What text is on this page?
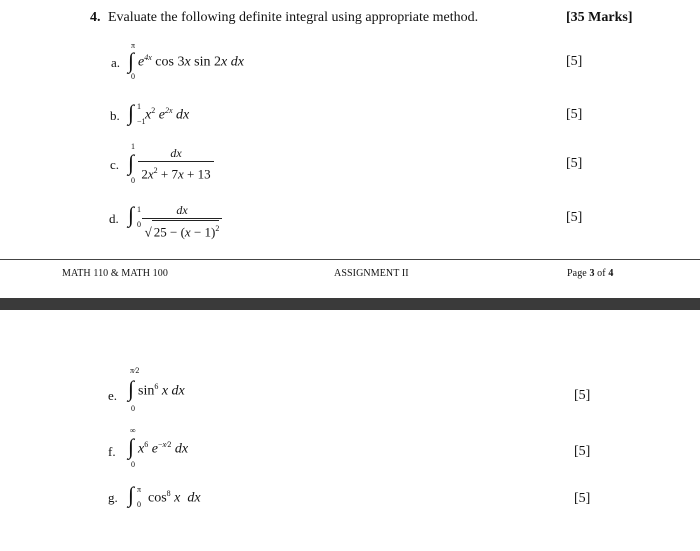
4. Evaluate the following definite integral using appropriate method.	[35 Marks]
a.
π
∫
0
$e^{4x}$ cos 3x sin 2x dx	[5]
b. ∫ 1
−1 $x^2$ $e^{2x}$ dx	[5]
c.
1
∫
0
dx
$2x^2 + 7x + 13$
[5]
d. ∫ 1
0
dx
√ $25 - (x - 1)^2$
[5]
MATH 110 & MATH 100	ASSIGNMENT II	Page 3 of 4
e.
π⁄2
∫
0
$\sin^6 x$ dx	[5]
f.
∞
∫
0
$x^6$ $e^{-x⁄2}$ dx	[5]
g. ∫ π
0 $\cos^8 x$ dx	[5]
